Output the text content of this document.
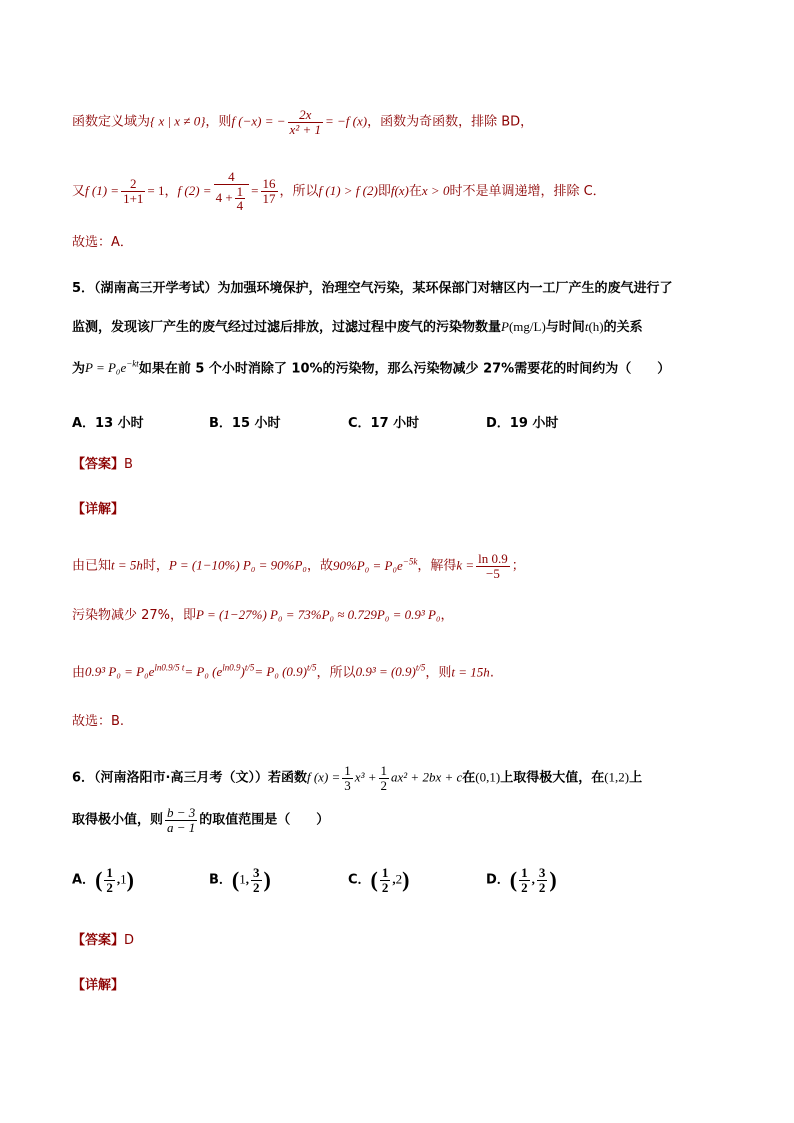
函数定义域为{ x | x ≠ 0}，则f (−x) = − $\frac{2x}{\text{x² + 1}} = -f$ (x)，函数为奇函数，排除 BD，
又f $(1) = \frac{2}{1+1} = 1$，f $(2) = \frac{4}{4 + \frac{1}{4}} = \frac{16}{17}$ ，所以f (1) > f (2)即f(x)在x > 0时不是单调递增，排除 C．
故选：A．
5．（湖南高三开学考试）为加强环境保护，治理空气污染，某环保部门对辖区内一工厂产生的废气进行了
监测，发现该厂产生的废气经过过滤后排放，过滤过程中废气的污染物数量P(mg/L)与时间t(h)的关系
为$P = P_0e^{-kt}$如果在前 5 个小时消除了 10%的污染物，那么污染物减少 27%需要花的时间约为（　　）
A．13 小时	B．15 小时	C．17 小时	D．19 小时
【答案】B
【详解】
由已知t = 5h时，P = (1−10%) P₀ = 90%P₀，故$90\%P_0 = P_0e^{-5k}$，解得$k = \frac{\ln 0.9}{-5}$ ；
污染物减少 27%，即P = (1−27%) P₀ = 73%P₀ ≈ 0.729P₀ = 0.9³ P₀，
由0.9³ $P_0 = P_0e^{ln0.9/5 t}= P_0$ $(e^{ln0.9})^{t/5}= P_0$ $(0.9)^{t/5}$，所以$0.9^3 = (0.9)^{t/5}$，则t = 15h.
故选：B.
6．（河南洛阳市·高三月考（文））若函数f $(x) = \frac{1}{3} x^3 + \frac{1}{2} ax^2 + 2bx + c$在(0,1)上取得极大值，在(1,2)上
取得极小值，则 $\frac{b - 3}{a - 1}$ 的取值范围是（　　）
A．( $\frac{1}{2} ,1$)	B．(1, $\frac{3}{2}$ )	C．( $\frac{1}{2} ,2$)	D．( $\frac{1}{2}$ , $\frac{3}{2}$ )
【答案】D
【详解】
